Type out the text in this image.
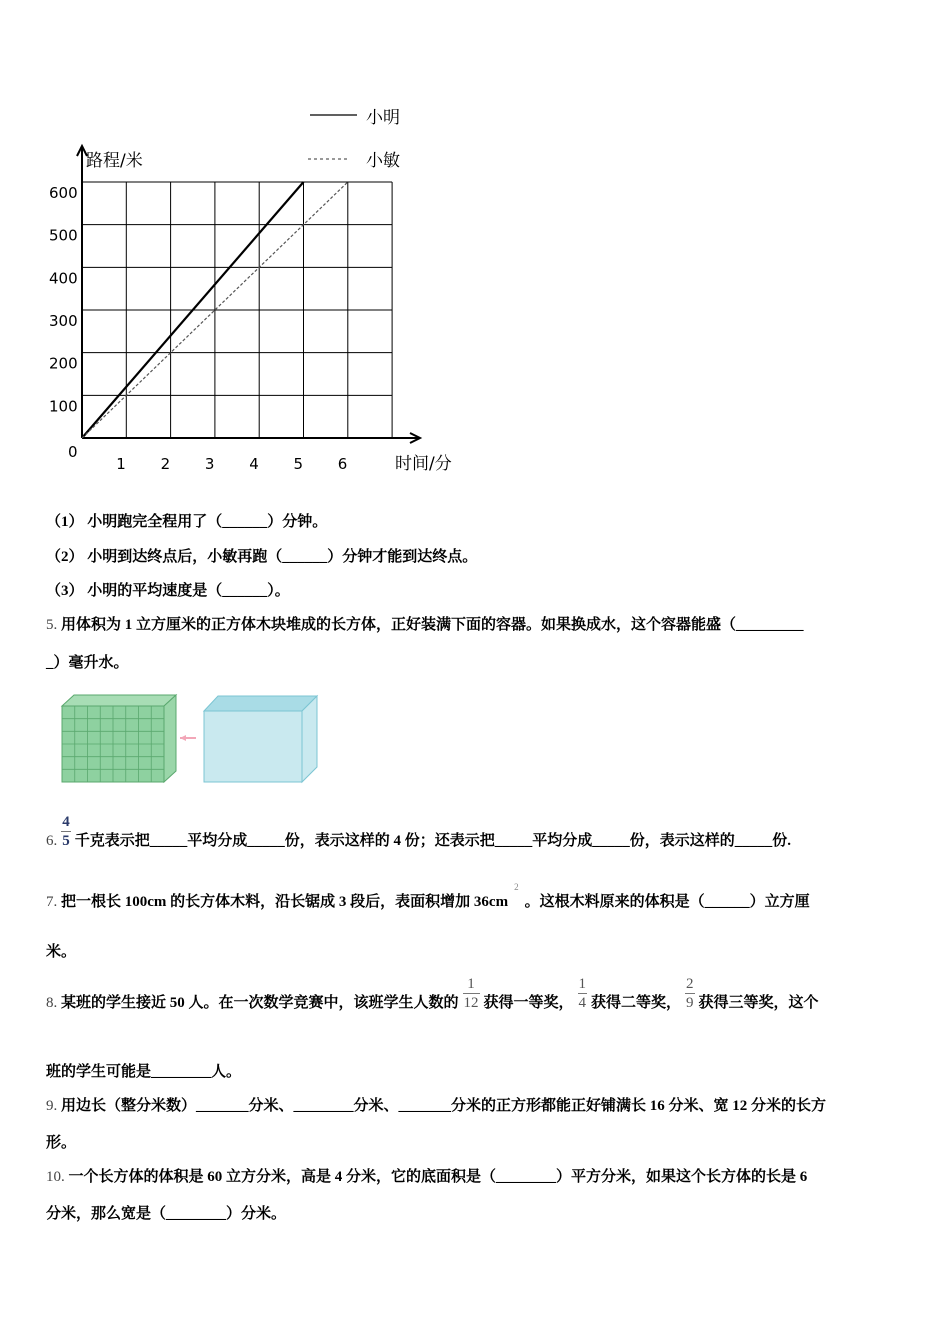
0
1 2 3 4 5 6
100
200
300
400
500
600
小明
小敏
路程/米
时间/分
（1） 小明跑完全程用了（______）分钟。
（2） 小明到达终点后，小敏再跑（______）分钟才能到达终点。
（3） 小明的平均速度是（______）。
5. 用体积为 1 立方厘米的正方体木块堆成的长方体，正好装满下面的容器。如果换成水，这个容器能盛（_________
_）毫升水。
6. $\frac{4}{5}$ 千克表示把_____平均分成_____份，表示这样的 4 份；还表示把_____平均分成_____份，表示这样的_____份.
7. 把一根长 100cm 的长方体木料，沿长锯成 3 段后，表面积增加 $36cm^2$。这根木料原来的体积是（______）立方厘
米。
8. 某班的学生接近 50 人。在一次数学竞赛中，该班学生人数的 $\frac{1}{12}$ 获得一等奖， $\frac{1}{4}$ 获得二等奖， $\frac{2}{9}$ 获得三等奖，这个
班的学生可能是________人。
9. 用边长（整分米数）_______分米、________分米、_______分米的正方形都能正好铺满长 16 分米、宽 12 分米的长方
形。
10. 一个长方体的体积是 60 立方分米，高是 4 分米，它的底面积是（________）平方分米，如果这个长方体的长是 6
分米，那么宽是（________）分米。
